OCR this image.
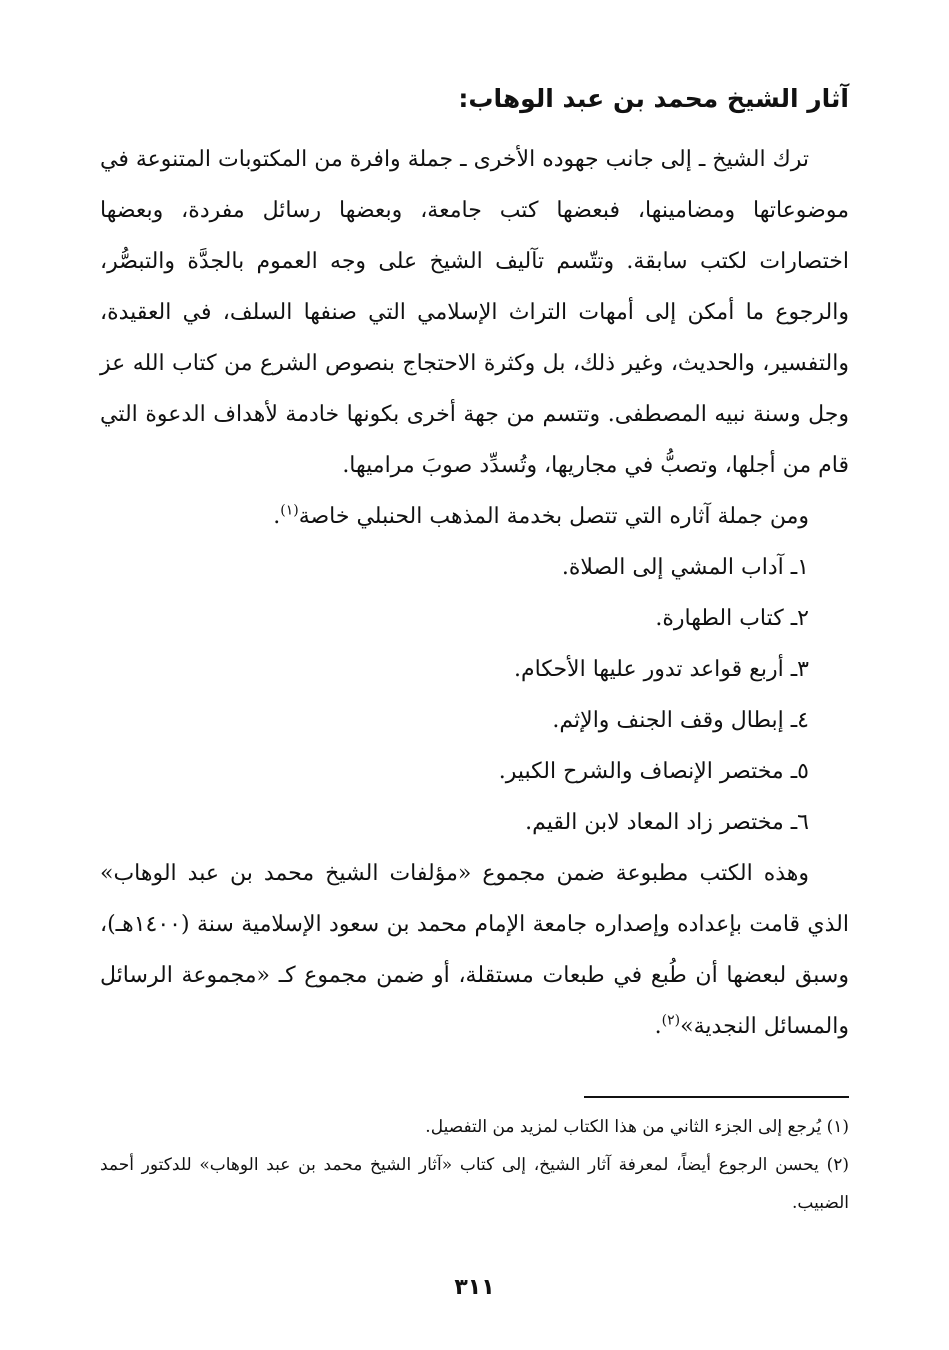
آثار الشيخ محمد بن عبد الوهاب:

ترك الشيخ ـ إلى جانب جهوده الأخرى ـ جملة وافرة من المكتوبات المتنوعة في موضوعاتها ومضامينها، فبعضها كتب جامعة، وبعضها رسائل مفردة، وبعضها اختصارات لكتب سابقة. وتتّسم تآليف الشيخ على وجه العموم بالجدَّة والتبصُّر، والرجوع ما أمكن إلى أمهات التراث الإسلامي التي صنفها السلف، في العقيدة، والتفسير، والحديث، وغير ذلك، بل وكثرة الاحتجاج بنصوص الشرع من كتاب الله عز وجل وسنة نبيه المصطفى. وتتسم من جهة أخرى بكونها خادمة لأهداف الدعوة التي قام من أجلها، وتصبُّ في مجاريها، وتُسدِّد صوبَ مراميها.

ومن جملة آثاره التي تتصل بخدمة المذهب الحنبلي خاصة$^{(١)}$.

١ـ آداب المشي إلى الصلاة.
٢ـ كتاب الطهارة.
٣ـ أربع قواعد تدور عليها الأحكام.
٤ـ إبطال وقف الجنف والإثم.
٥ـ مختصر الإنصاف والشرح الكبير.
٦ـ مختصر زاد المعاد لابن القيم.

وهذه الكتب مطبوعة ضمن مجموع «مؤلفات الشيخ محمد بن عبد الوهاب» الذي قامت بإعداده وإصداره جامعة الإمام محمد بن سعود الإسلامية سنة (١٤٠٠هـ)، وسبق لبعضها أن طُبع في طبعات مستقلة، أو ضمن مجموع كـ «مجموعة الرسائل والمسائل النجدية»$^{(٢)}$.

(١) يُرجع إلى الجزء الثاني من هذا الكتاب لمزيد من التفصيل.

(٢) يحسن الرجوع أيضاً، لمعرفة آثار الشيخ، إلى كتاب «آثار الشيخ محمد بن عبد الوهاب» للدكتور أحمد الضبيب.

٣١١
